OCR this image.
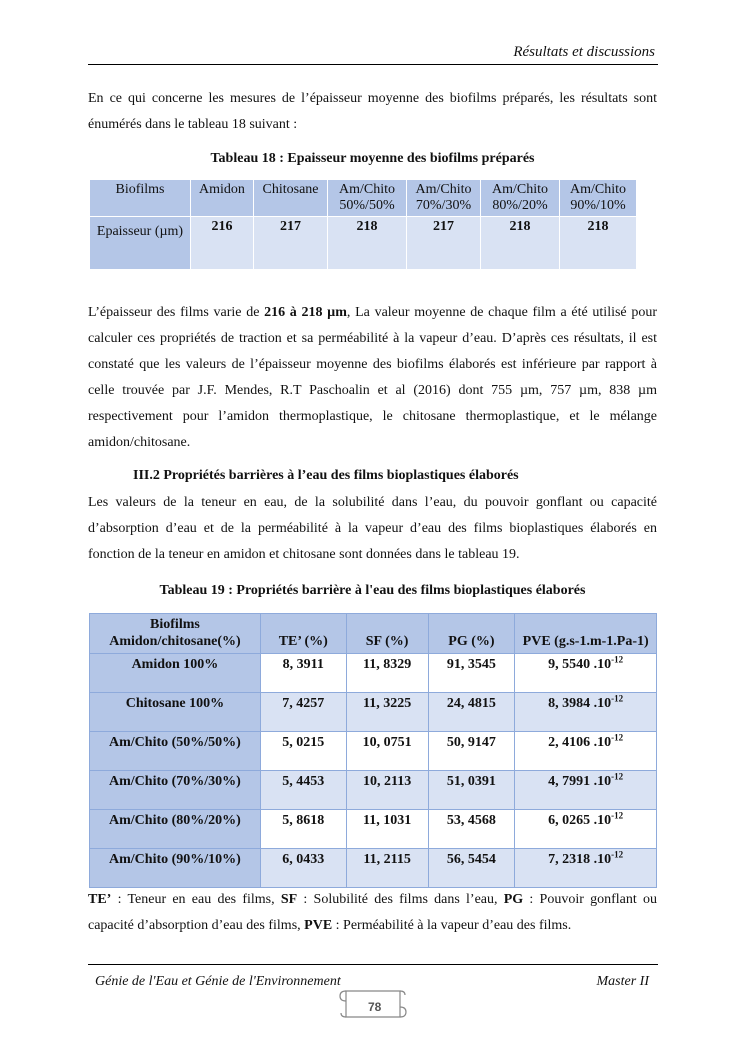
Résultats et discussions
En ce qui concerne les mesures de l’épaisseur moyenne des biofilms préparés, les résultats sont
énumérés dans le tableau 18 suivant :
Tableau 18 : Epaisseur moyenne des biofilms préparés
Biofilms	Amidon	Chitosane	Am/Chito 50%/50%	Am/Chito 70%/30%	Am/Chito 80%/20%	Am/Chito 90%/10%
Epaisseur (µm)	216	217	218	217	218	218
L’épaisseur des films varie de 216 à 218 µm, La valeur moyenne de chaque film a été utilisé pour calculer ces propriétés de traction et sa perméabilité à la vapeur d’eau. D’après ces résultats, il est constaté que les valeurs de l’épaisseur moyenne des biofilms élaborés est inférieure par rapport à celle trouvée par J.F. Mendes, R.T Paschoalin et al (2016) dont 755 µm, 757 µm, 838 µm respectivement pour l’amidon thermoplastique, le chitosane thermoplastique, et le mélange amidon/chitosane.
III.2 Propriétés barrières à l’eau des films bioplastiques élaborés
Les valeurs de la teneur en eau, de la solubilité dans l’eau, du pouvoir gonflant ou capacité d’absorption d’eau et de la perméabilité à la vapeur d’eau des films bioplastiques élaborés en fonction de la teneur en amidon et chitosane sont données dans le tableau 19.
Tableau 19 : Propriétés barrière à l'eau des films bioplastiques élaborés
Biofilms Amidon/chitosane(%)	TE’ (%)	SF (%)	PG (%)	PVE (g.s-1.m-1.Pa-1)
Amidon 100%	8, 3911	11, 8329	91, 3545	9, 5540 $.10^{-12}$
Chitosane 100%	7, 4257	11, 3225	24, 4815	8, 3984 $.10^{-12}$
Am/Chito (50%/50%)	5, 0215	10, 0751	50, 9147	2, 4106 $.10^{-12}$
Am/Chito (70%/30%)	5, 4453	10, 2113	51, 0391	4, 7991 $.10^{-12}$
Am/Chito (80%/20%)	5, 8618	11, 1031	53, 4568	6, 0265 $.10^{-12}$
Am/Chito (90%/10%)	6, 0433	11, 2115	56, 5454	7, 2318 $.10^{-12}$
TE’ : Teneur en eau des films, SF : Solubilité des films dans l’eau, PG : Pouvoir gonflant ou capacité d’absorption d’eau des films, PVE : Perméabilité à la vapeur d’eau des films.
Génie de l'Eau et Génie de l'Environnement	Master II
78
